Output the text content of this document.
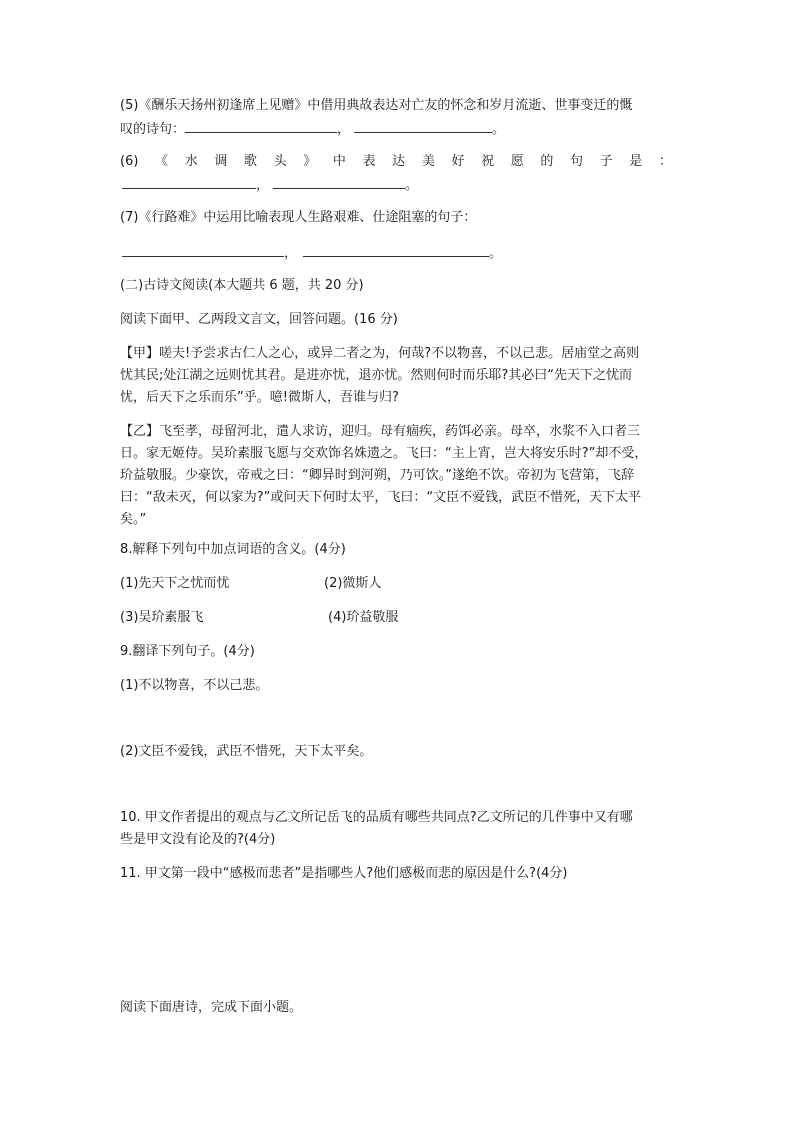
(5)《酬乐天扬州初逢席上见赠》中借用典故表达对亡友的怀念和岁月流逝、世事变迁的慨
叹的诗句：	，	。
(6) 《 水 调 歌 头 》 中 表 达 美 好 祝 愿 的 句 子 是 ：
，	。
(7)《行路难》中运用比喻表现人生路艰难、仕途阻塞的句子：
，	。
(二)古诗文阅读(本大题共 6 题，共 20 分)
阅读下面甲、乙两段文言文，回答问题。(16 分)
【甲】嗟夫!予尝求古仁人之心，或异二者之为，何哉?不以物喜，不以己悲。居庙堂之高则
忧其民;处江湖之远则忧其君。是进亦忧，退亦忧。然则何时而乐耶?其必曰“先天下之忧而
忧，后天下之乐而乐”乎。噫!微斯人，吾谁与归?
【乙】飞至孝，母留河北，遣人求访，迎归。母有痼疾，药饵必亲。母卒，水浆不入口者三
日。家无姬侍。吴玠素服飞愿与交欢饰名姝遗之。飞曰：“主上宵，岂大将安乐时?”却不受，
玠益敬服。少豪饮，帝戒之曰：“卿异时到河朔，乃可饮。”遂绝不饮。帝初为飞营第，飞辞
曰：“敌未灭，何以家为?”或问天下何时太平，飞曰：“文臣不爱钱，武臣不惜死，天下太平
矣。”
8.解释下列句中加点词语的含义。(4分)
(1)先天下之忧而忧	(2)微斯人
(3)吴玠素服飞	(4)玠益敬服
9.翻译下列句子。(4分)
(1)不以物喜，不以己悲。
(2)文臣不爱钱，武臣不惜死，天下太平矣。
10. 甲文作者提出的观点与乙文所记岳飞的品质有哪些共同点?乙文所记的几件事中又有哪
些是甲文没有论及的?(4分)
11. 甲文第一段中“感极而悲者”是指哪些人?他们感极而悲的原因是什么?(4分)
阅读下面唐诗，完成下面小题。
